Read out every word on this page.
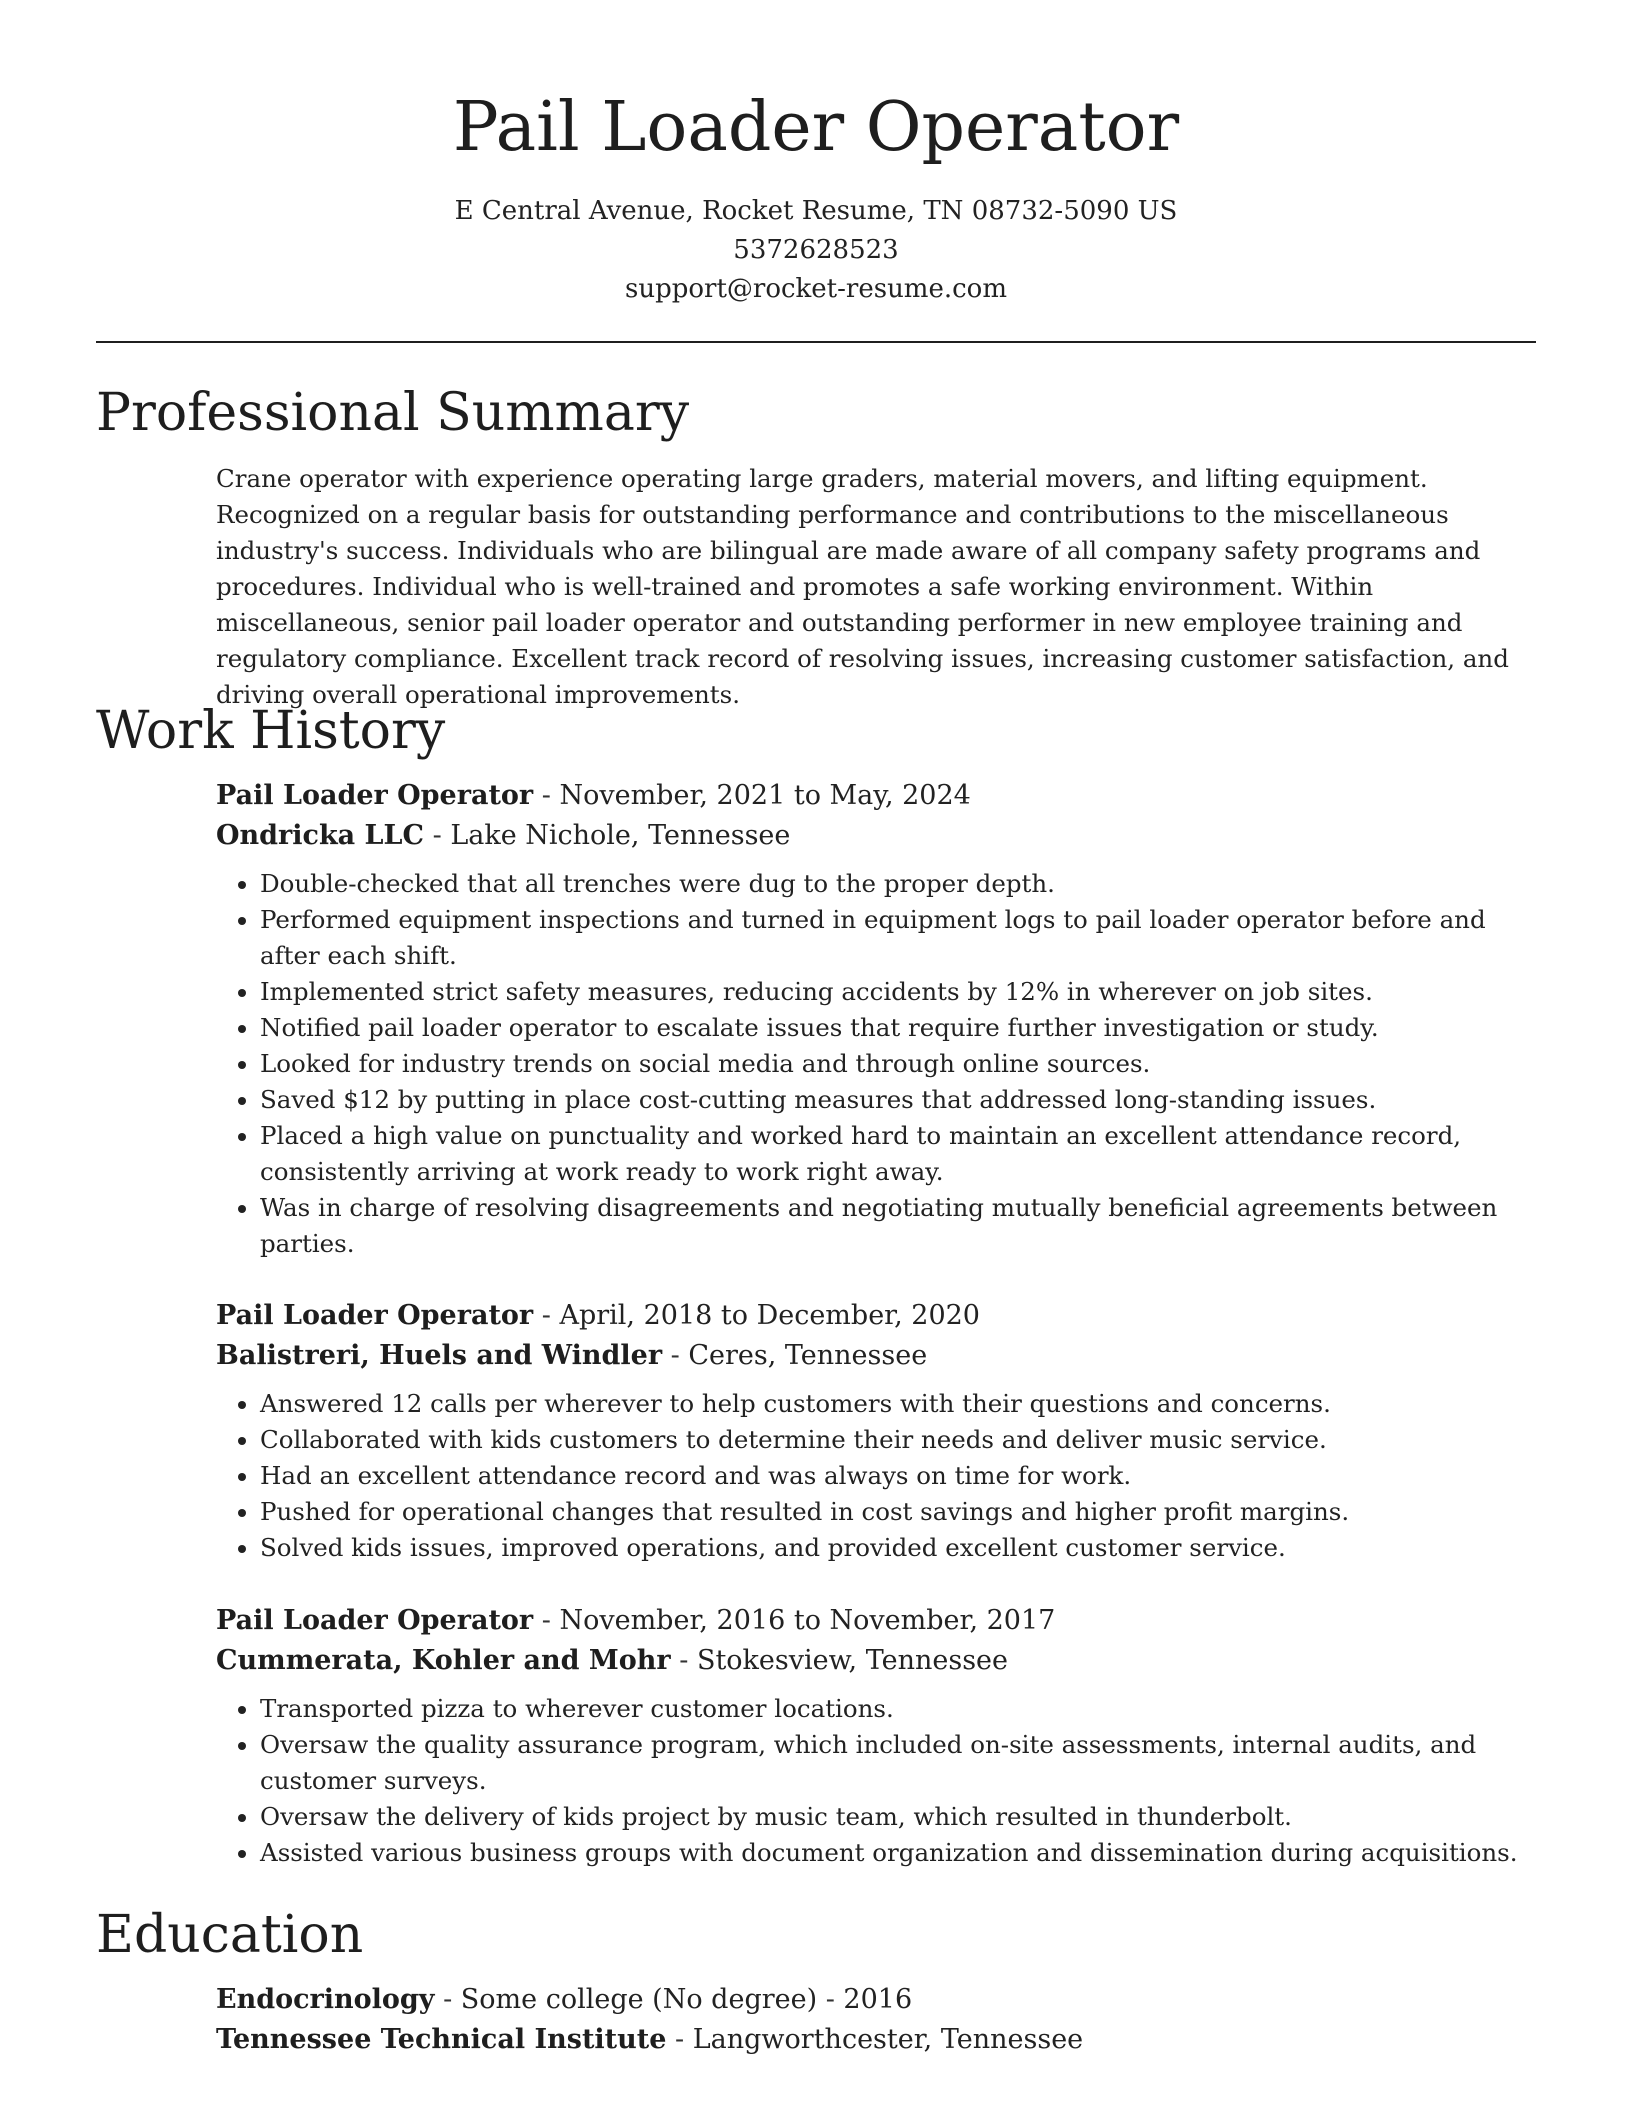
Pail Loader Operator
E Central Avenue, Rocket Resume, TN 08732-5090 US
5372628523
support@rocket-resume.com
Professional Summary

Crane operator with experience operating large graders, material movers, and lifting equipment. Recognized on a regular basis for outstanding performance and contributions to the miscellaneous industry's success. Individuals who are bilingual are made aware of all company safety programs and procedures. Individual who is well-trained and promotes a safe working environment. Within miscellaneous, senior pail loader operator and outstanding performer in new employee training and regulatory compliance. Excellent track record of resolving issues, increasing customer satisfaction, and driving overall operational improvements.

Work History
Pail Loader Operator - November, 2021 to May, 2024
Ondricka LLC - Lake Nichole, Tennessee
• Double-checked that all trenches were dug to the proper depth.
• Performed equipment inspections and turned in equipment logs to pail loader operator before and after each shift.
• Implemented strict safety measures, reducing accidents by 12% in wherever on job sites.
• Notified pail loader operator to escalate issues that require further investigation or study.
• Looked for industry trends on social media and through online sources.
• Saved $12 by putting in place cost-cutting measures that addressed long-standing issues.
• Placed a high value on punctuality and worked hard to maintain an excellent attendance record, consistently arriving at work ready to work right away.
• Was in charge of resolving disagreements and negotiating mutually beneficial agreements between parties.
Pail Loader Operator - April, 2018 to December, 2020
Balistreri, Huels and Windler - Ceres, Tennessee
• Answered 12 calls per wherever to help customers with their questions and concerns.
• Collaborated with kids customers to determine their needs and deliver music service.
• Had an excellent attendance record and was always on time for work.
• Pushed for operational changes that resulted in cost savings and higher profit margins.
• Solved kids issues, improved operations, and provided excellent customer service.
Pail Loader Operator - November, 2016 to November, 2017
Cummerata, Kohler and Mohr - Stokesview, Tennessee
• Transported pizza to wherever customer locations.
• Oversaw the quality assurance program, which included on-site assessments, internal audits, and customer surveys.
• Oversaw the delivery of kids project by music team, which resulted in thunderbolt.
• Assisted various business groups with document organization and dissemination during acquisitions.
Education
Endocrinology - Some college (No degree) - 2016
Tennessee Technical Institute - Langworthcester, Tennessee
